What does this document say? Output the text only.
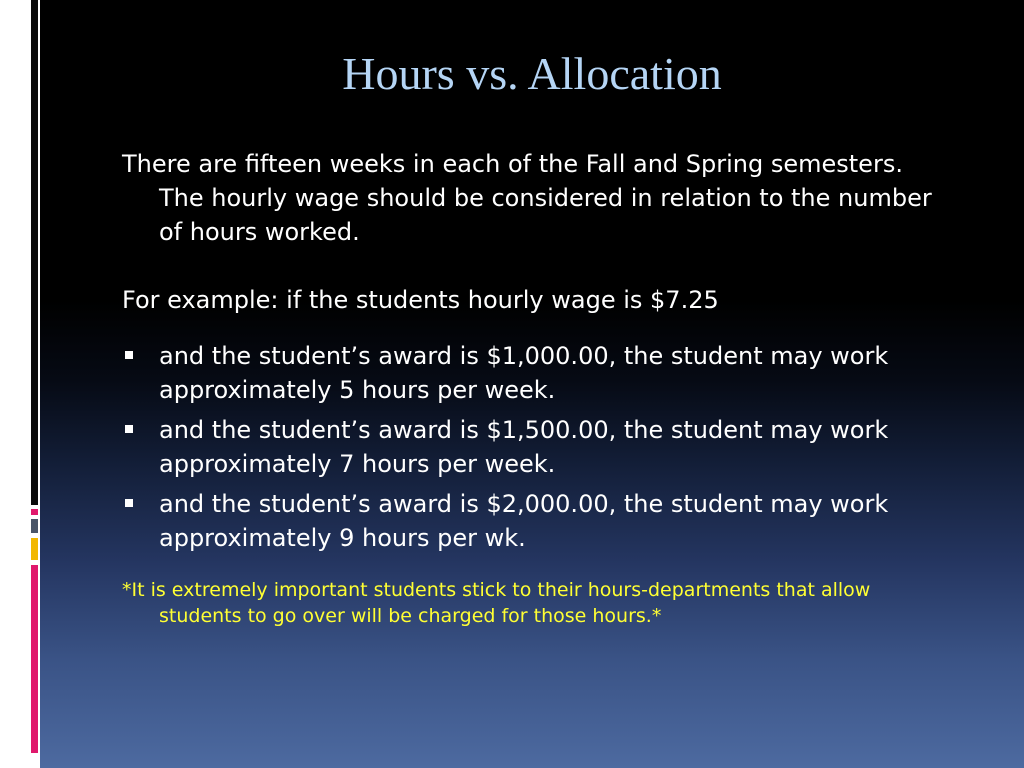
Hours vs. Allocation

There are fifteen weeks in each of the Fall and Spring semesters. The hourly wage should be considered in relation to the number of hours worked.

For example: if the students hourly wage is $7.25

and the student’s award is $1,000.00, the student may work approximately 5 hours per week.
and the student’s award is $1,500.00, the student may work approximately 7 hours per week.
and the student’s award is $2,000.00, the student may work approximately 9 hours per wk.

*It is extremely important students stick to their hours-departments that allow students to go over will be charged for those hours.*
